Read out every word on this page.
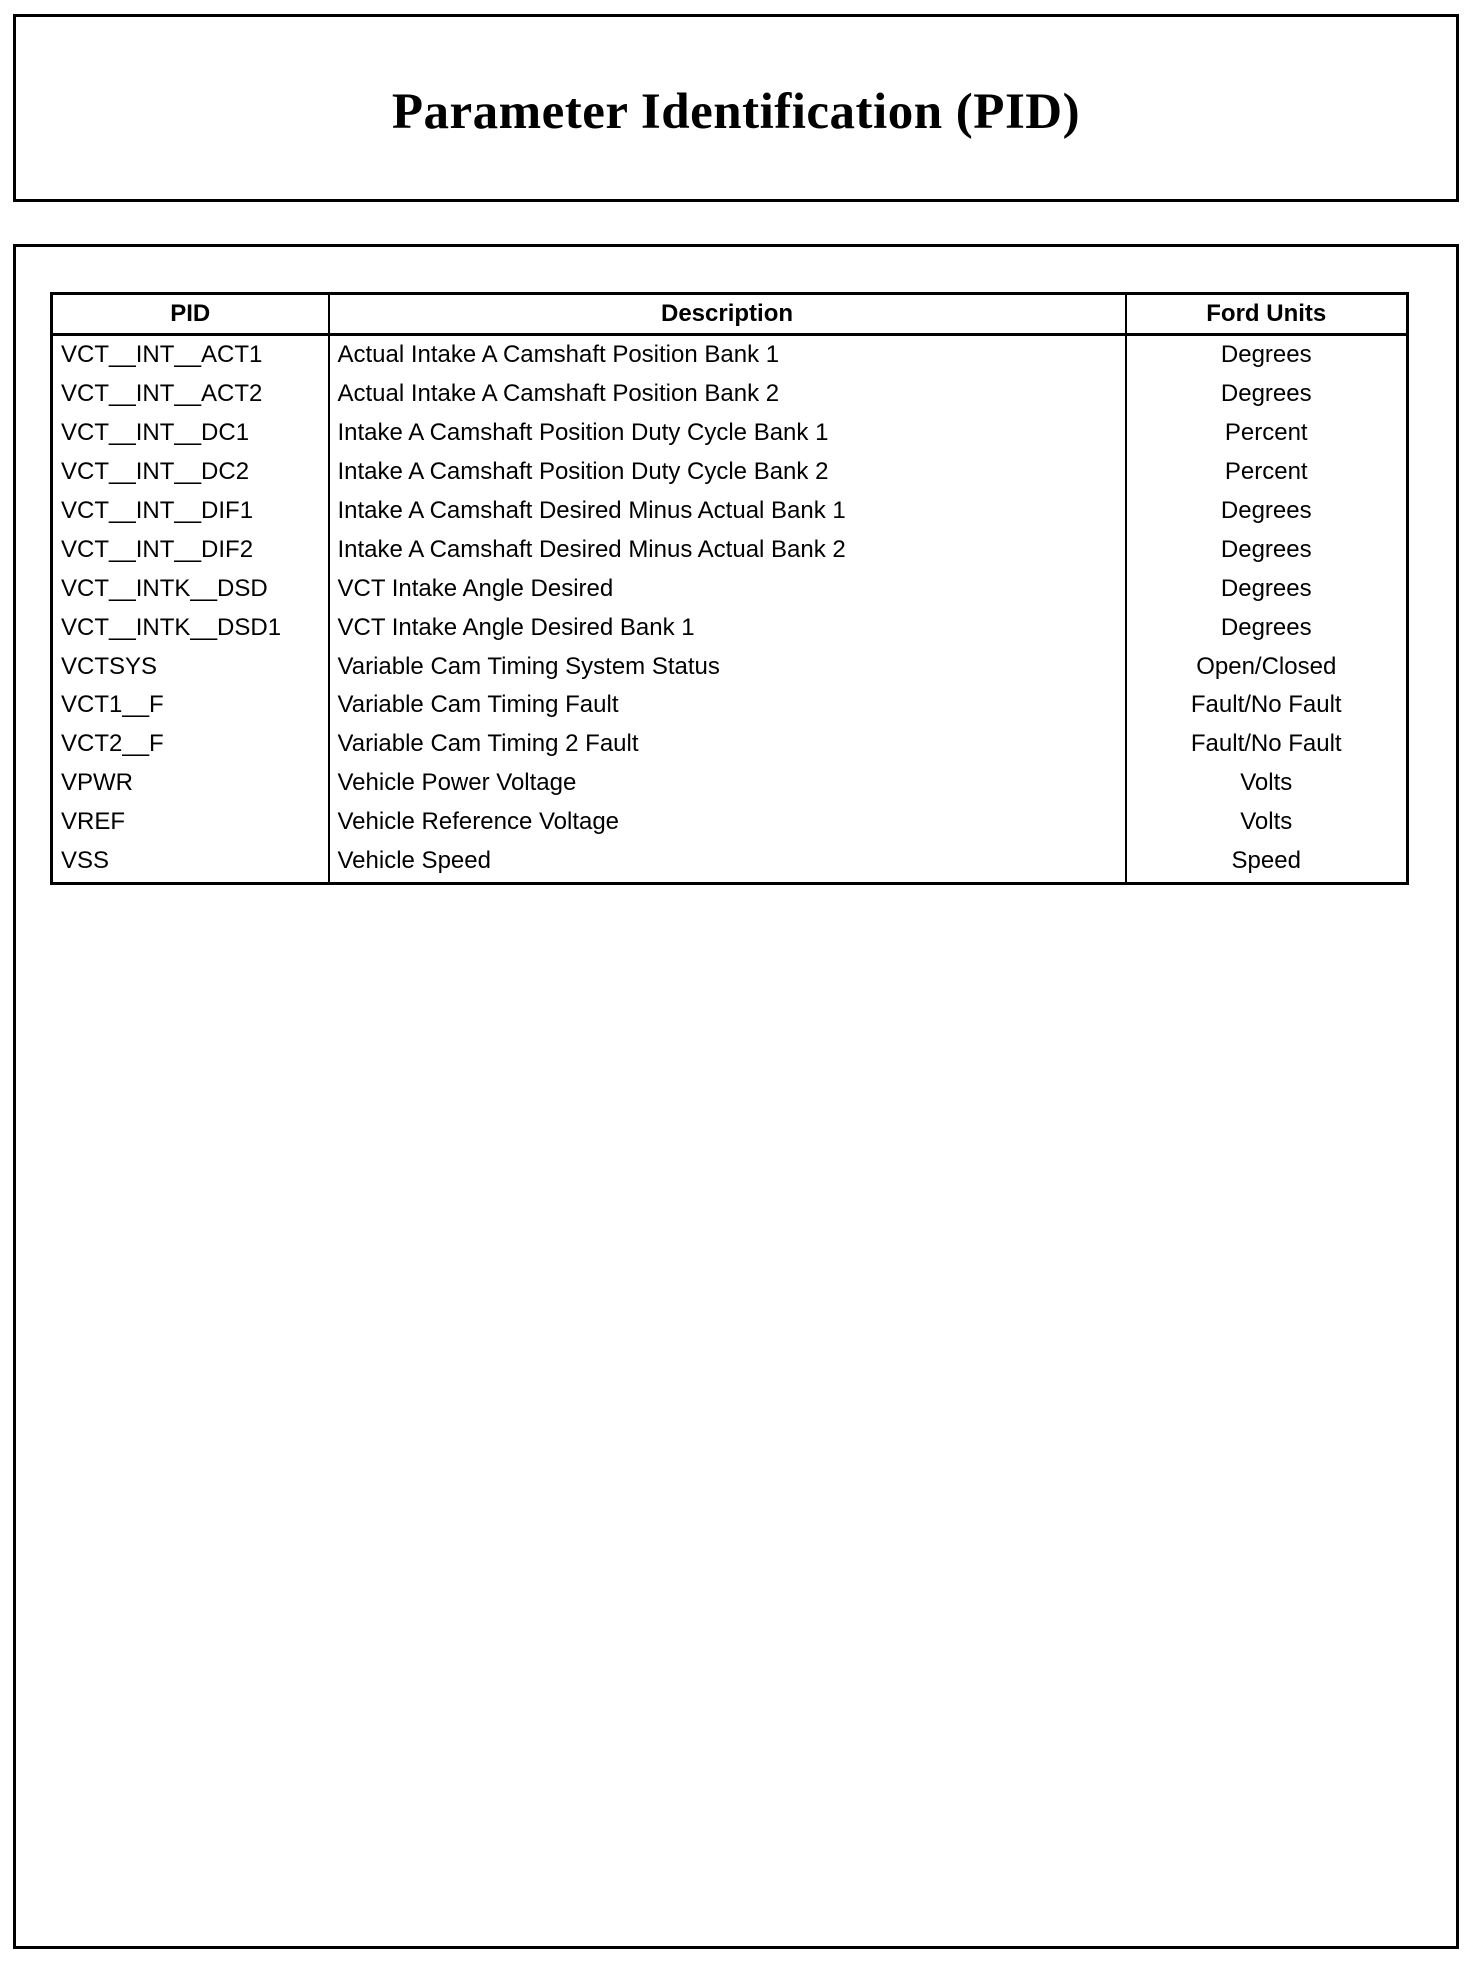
Parameter Identification (PID)
PID	Description	Ford Units
VCT__INT__ACT1	Actual Intake A Camshaft Position Bank 1	Degrees
VCT__INT__ACT2	Actual Intake A Camshaft Position Bank 2	Degrees
VCT__INT__DC1	Intake A Camshaft Position Duty Cycle Bank 1	Percent
VCT__INT__DC2	Intake A Camshaft Position Duty Cycle Bank 2	Percent
VCT__INT__DIF1	Intake A Camshaft Desired Minus Actual Bank 1	Degrees
VCT__INT__DIF2	Intake A Camshaft Desired Minus Actual Bank 2	Degrees
VCT__INTK__DSD	VCT Intake Angle Desired	Degrees
VCT__INTK__DSD1	VCT Intake Angle Desired Bank 1	Degrees
VCTSYS	Variable Cam Timing System Status	Open/Closed
VCT1__F	Variable Cam Timing Fault	Fault/No Fault
VCT2__F	Variable Cam Timing 2 Fault	Fault/No Fault
VPWR	Vehicle Power Voltage	Volts
VREF	Vehicle Reference Voltage	Volts
VSS	Vehicle Speed	Speed
